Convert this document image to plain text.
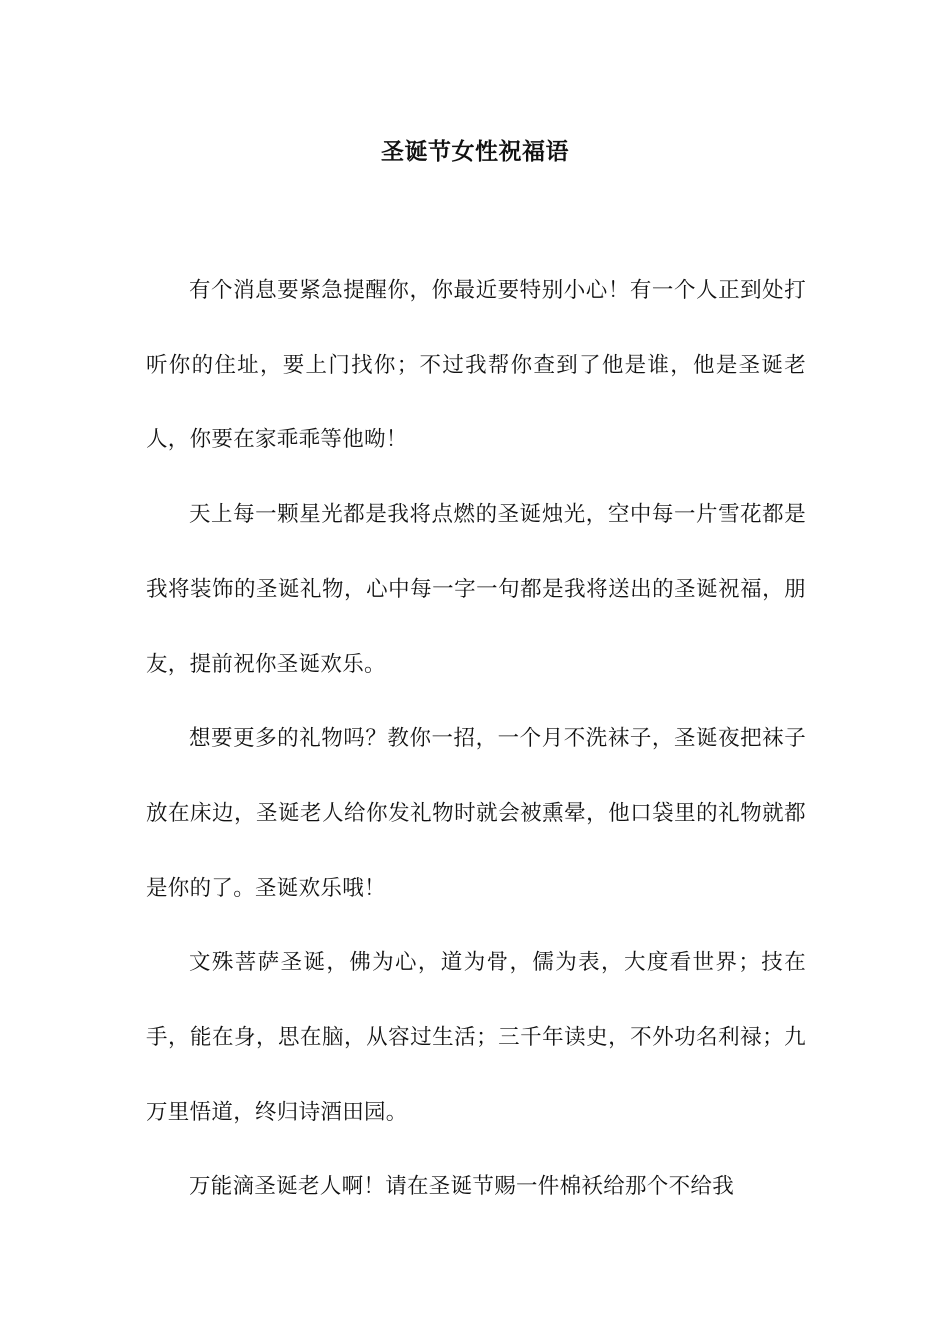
圣诞节女性祝福语

有个消息要紧急提醒你，你最近要特别小心！有一个人正到处打听你的住址，要上门找你；不过我帮你查到了他是谁，他是圣诞老人，你要在家乖乖等他呦！

天上每一颗星光都是我将点燃的圣诞烛光，空中每一片雪花都是我将装饰的圣诞礼物，心中每一字一句都是我将送出的圣诞祝福，朋友，提前祝你圣诞欢乐。

想要更多的礼物吗？教你一招，一个月不洗袜子，圣诞夜把袜子放在床边，圣诞老人给你发礼物时就会被熏晕，他口袋里的礼物就都是你的了。圣诞欢乐哦！

文殊菩萨圣诞，佛为心，道为骨，儒为表，大度看世界；技在手，能在身，思在脑，从容过生活；三千年读史，不外功名利禄；九万里悟道，终归诗酒田园。

万能滴圣诞老人啊！请在圣诞节赐一件棉袄给那个不给我
